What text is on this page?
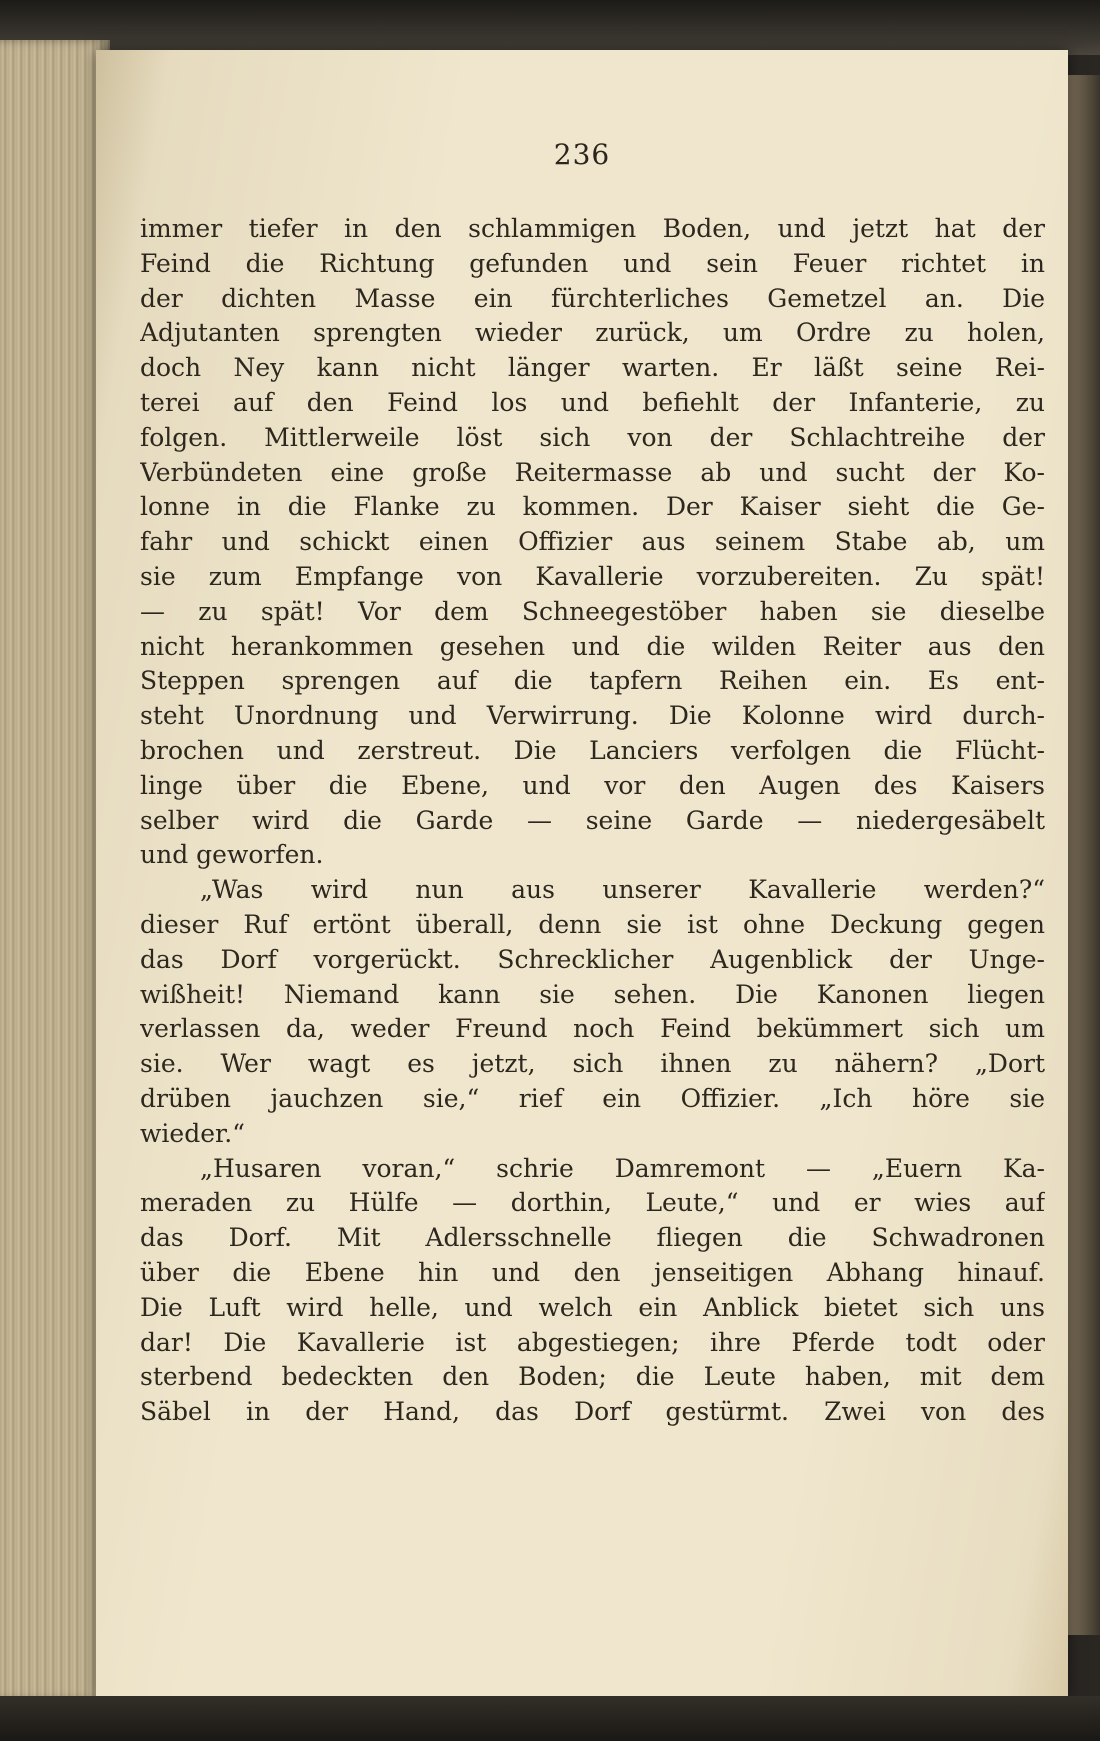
236
immer tiefer in den schlammigen Boden, und jetzt hat der
Feind die Richtung gefunden und sein Feuer richtet in
der dichten Masse ein fürchterliches Gemetzel an. Die
Adjutanten sprengten wieder zurück, um Ordre zu holen,
doch Ney kann nicht länger warten. Er läßt seine Rei-
terei auf den Feind los und befiehlt der Infanterie, zu
folgen. Mittlerweile löst sich von der Schlachtreihe der
Verbündeten eine große Reitermasse ab und sucht der Ko-
lonne in die Flanke zu kommen. Der Kaiser sieht die Ge-
fahr und schickt einen Offizier aus seinem Stabe ab, um
sie zum Empfange von Kavallerie vorzubereiten. Zu spät!
— zu spät! Vor dem Schneegestöber haben sie dieselbe
nicht herankommen gesehen und die wilden Reiter aus den
Steppen sprengen auf die tapfern Reihen ein. Es ent-
steht Unordnung und Verwirrung. Die Kolonne wird durch-
brochen und zerstreut. Die Lanciers verfolgen die Flücht-
linge über die Ebene, und vor den Augen des Kaisers
selber wird die Garde — seine Garde — niedergesäbelt
und geworfen.
„Was wird nun aus unserer Kavallerie werden?“
dieser Ruf ertönt überall, denn sie ist ohne Deckung gegen
das Dorf vorgerückt. Schrecklicher Augenblick der Unge-
wißheit! Niemand kann sie sehen. Die Kanonen liegen
verlassen da, weder Freund noch Feind bekümmert sich um
sie. Wer wagt es jetzt, sich ihnen zu nähern? „Dort
drüben jauchzen sie,“ rief ein Offizier. „Ich höre sie
wieder.“
„Husaren voran,“ schrie Damremont — „Euern Ka-
meraden zu Hülfe — dorthin, Leute,“ und er wies auf
das Dorf. Mit Adlersschnelle fliegen die Schwadronen
über die Ebene hin und den jenseitigen Abhang hinauf.
Die Luft wird helle, und welch ein Anblick bietet sich uns
dar! Die Kavallerie ist abgestiegen; ihre Pferde todt oder
sterbend bedeckten den Boden; die Leute haben, mit dem
Säbel in der Hand, das Dorf gestürmt. Zwei von des
